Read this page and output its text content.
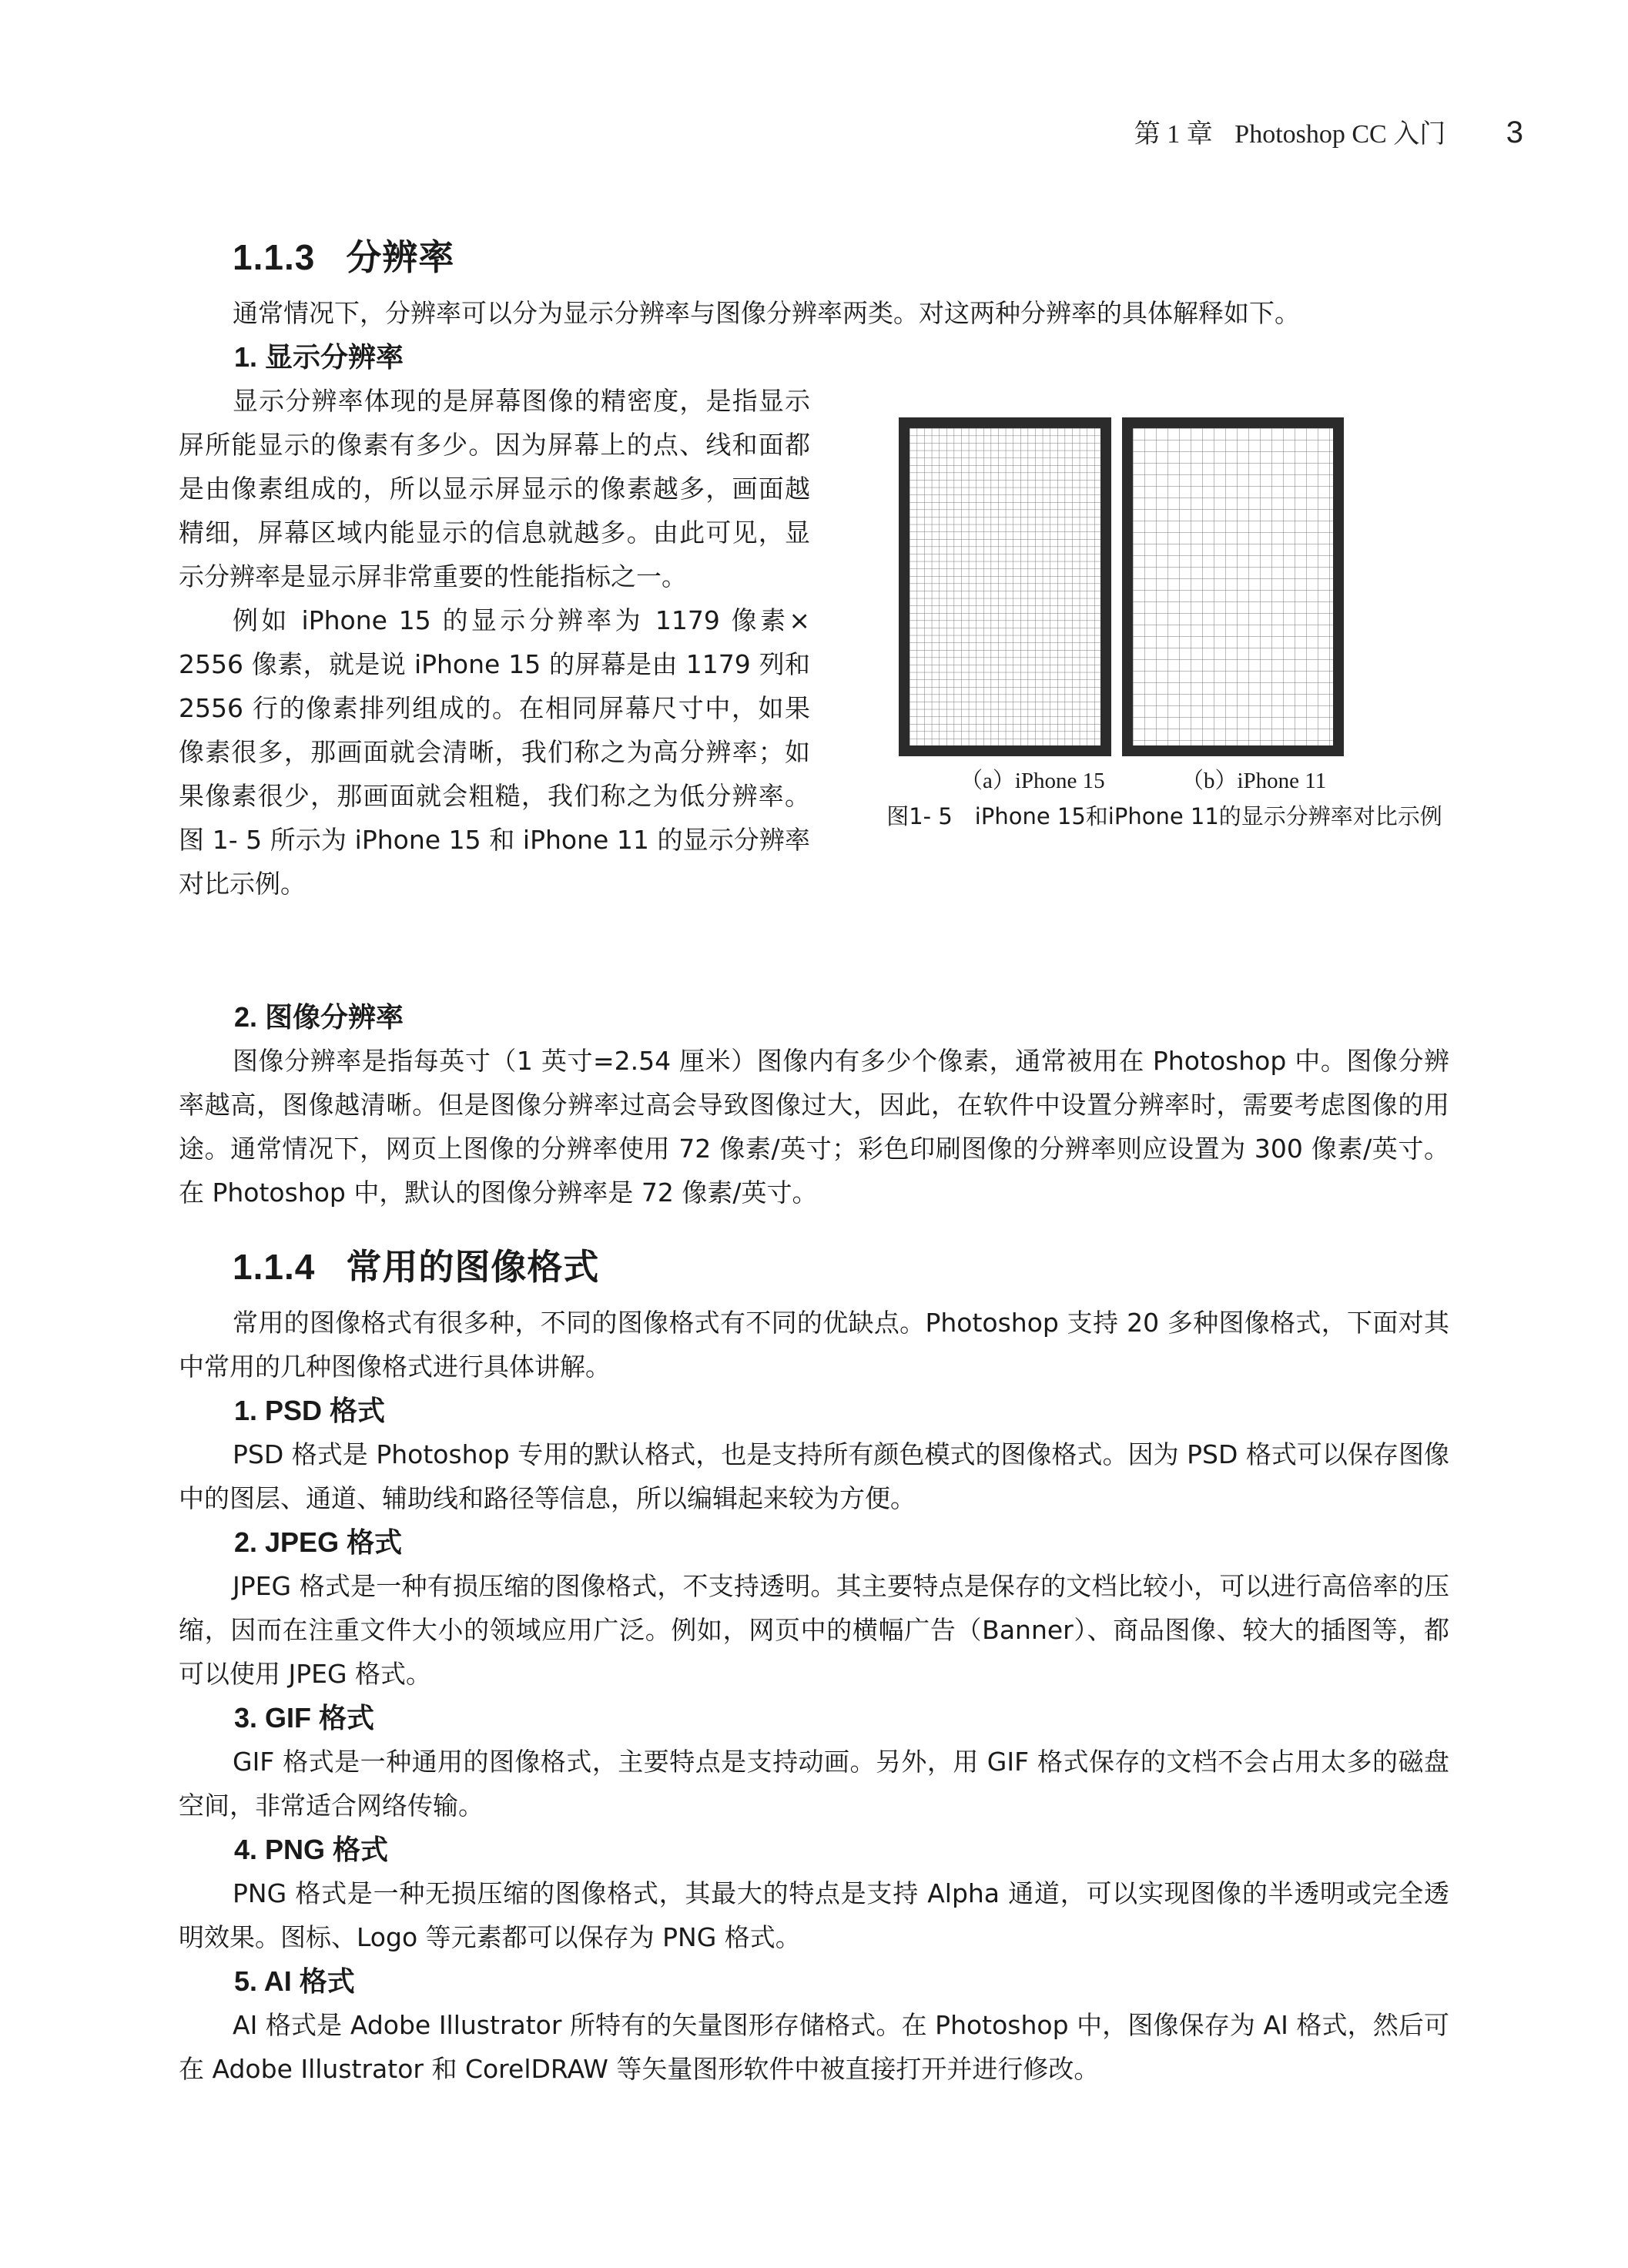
第 1 章 Photoshop CC 入门 3
1.1.3 分辨率

通常情况下，分辨率可以分为显示分辨率与图像分辨率两类。对这两种分辨率的具体解释如下。

1. 显示分辨率

显示分辨率体现的是屏幕图像的精密度，是指显示屏所能显示的像素有多少。因为屏幕上的点、线和面都是由像素组成的，所以显示屏显示的像素越多，画面越精细，屏幕区域内能显示的信息就越多。由此可见，显示分辨率是显示屏非常重要的性能指标之一。

例如 iPhone 15 的显示分辨率为 1179 像素× 2556 像素，就是说 iPhone 15 的屏幕是由 1179 列和 2556 行的像素排列组成的。在相同屏幕尺寸中，如果像素很多，那画面就会清晰，我们称之为高分辨率；如果像素很少，那画面就会粗糙，我们称之为低分辨率。图 1- 5 所示为 iPhone 15 和 iPhone 11 的显示分辨率对比示例。

（a）iPhone 15	（b）iPhone 11
图1- 5　iPhone 15和iPhone 11的显示分辨率对比示例
2. 图像分辨率

图像分辨率是指每英寸（1 英寸=2.54 厘米）图像内有多少个像素，通常被用在 Photoshop 中。图像分辨率越高，图像越清晰。但是图像分辨率过高会导致图像过大，因此，在软件中设置分辨率时，需要考虑图像的用途。通常情况下，网页上图像的分辨率使用 72 像素/英寸；彩色印刷图像的分辨率则应设置为 300 像素/英寸。在 Photoshop 中，默认的图像分辨率是 72 像素/英寸。

1.1.4 常用的图像格式

常用的图像格式有很多种，不同的图像格式有不同的优缺点。Photoshop 支持 20 多种图像格式，下面对其中常用的几种图像格式进行具体讲解。

1. PSD 格式

PSD 格式是 Photoshop 专用的默认格式，也是支持所有颜色模式的图像格式。因为 PSD 格式可以保存图像中的图层、通道、辅助线和路径等信息，所以编辑起来较为方便。

2. JPEG 格式

JPEG 格式是一种有损压缩的图像格式，不支持透明。其主要特点是保存的文档比较小，可以进行高倍率的压缩，因而在注重文件大小的领域应用广泛。例如，网页中的横幅广告（Banner）、商品图像、较大的插图等，都可以使用 JPEG 格式。

3. GIF 格式

GIF 格式是一种通用的图像格式，主要特点是支持动画。另外，用 GIF 格式保存的文档不会占用太多的磁盘空间，非常适合网络传输。

4. PNG 格式

PNG 格式是一种无损压缩的图像格式，其最大的特点是支持 Alpha 通道，可以实现图像的半透明或完全透明效果。图标、Logo 等元素都可以保存为 PNG 格式。

5. AI 格式

AI 格式是 Adobe Illustrator 所特有的矢量图形存储格式。在 Photoshop 中，图像保存为 AI 格式，然后可在 Adobe Illustrator 和 CorelDRAW 等矢量图形软件中被直接打开并进行修改。
